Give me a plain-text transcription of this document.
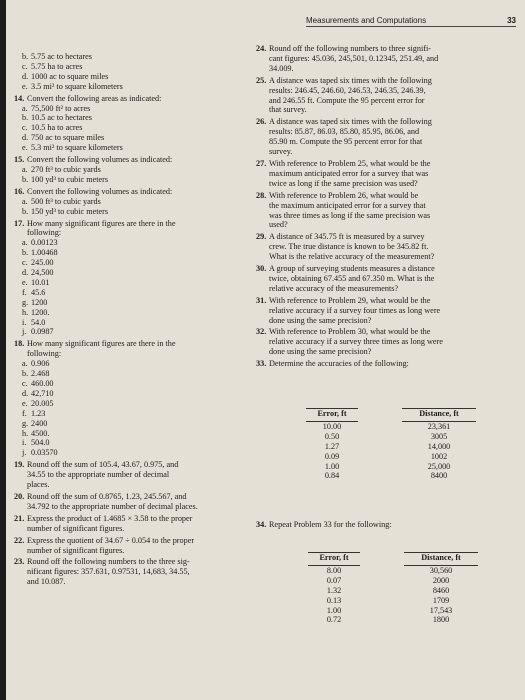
Measurements and Computations	33

b. 5.75 ac to hectares
c. 5.75 ha to acres
d. 1000 ac to square miles
e. 3.5 mi² to square kilometers
14. Convert the following areas as indicated:
a. 75,500 ft² to acres
b. 10.5 ac to hectares
c. 10.5 ha to acres
d. 750 ac to square miles
e. 5.3 mi² to square kilometers
15. Convert the following volumes as indicated:
a. 270 ft³ to cubic yards
b. 100 yd³ to cubic meters
16. Convert the following volumes as indicated:
a. 500 ft³ to cubic yards
b. 150 yd³ to cubic meters
17. How many significant figures are there in the
following:
a. 0.00123
b. 1.00468
c. 245.00
d. 24,500
e. 10.01
f. 45.6
g. 1200
h. 1200.
i. 54.0
j. 0.0987
18. How many significant figures are there in the
following:
a. 0.906
b. 2.468
c. 460.00
d. 42,710
e. 20.005
f. 1.23
g. 2400
h. 4500.
i. 504.0
j. 0.03570
19. Round off the sum of 105.4, 43.67, 0.975, and
34.55 to the appropriate number of decimal
places.
20. Round off the sum of 0.8765, 1.23, 245.567, and
34.792 to the appropriate number of decimal places.
21. Express the product of 1.4685 × 3.58 to the proper
number of significant figures.
22. Express the quotient of 34.67 ÷ 0.054 to the proper
number of significant figures.
23. Round off the following numbers to the three sig-
nificant figures: 357.631, 0.97531, 14,683, 34.55,
and 10.087.
24. Round off the following numbers to three signifi-
cant figures: 45.036, 245,501, 0.12345, 251.49, and
34.009.
25. A distance was taped six times with the following
results: 246.45, 246.60, 246.53, 246.35, 246.39,
and 246.55 ft. Compute the 95 percent error for
that survey.
26. A distance was taped six times with the following
results: 85.87, 86.03, 85.80, 85.95, 86.06, and
85.90 m. Compute the 95 percent error for that
survey.
27. With reference to Problem 25, what would be the
maximum anticipated error for a survey that was
twice as long if the same precision was used?
28. With reference to Problem 26, what would be
the maximum anticipated error for a survey that
was three times as long if the same precision was
used?
29. A distance of 345.75 ft is measured by a survey
crew. The true distance is known to be 345.82 ft.
What is the relative accuracy of the measurement?
30. A group of surveying students measures a distance
twice, obtaining 67.455 and 67.350 m. What is the
relative accuracy of the measurements?
31. With reference to Problem 29, what would be the
relative accuracy if a survey four times as long were
done using the same precision?
32. With reference to Problem 30, what would be the
relative accuracy if a survey three times as long were
done using the same precision?
33. Determine the accuracies of the following:
Error, ft		Distance, ft
10.00		23,361
0.50		3005
1.27		14,000
0.09		1002
1.00		25,000
0.84		8400
34. Repeat Problem 33 for the following:
Error, ft		Distance, ft
8.00		30,560
0.07		2000
1.32		8460
0.13		1709
1.00		17,543
0.72		1800
